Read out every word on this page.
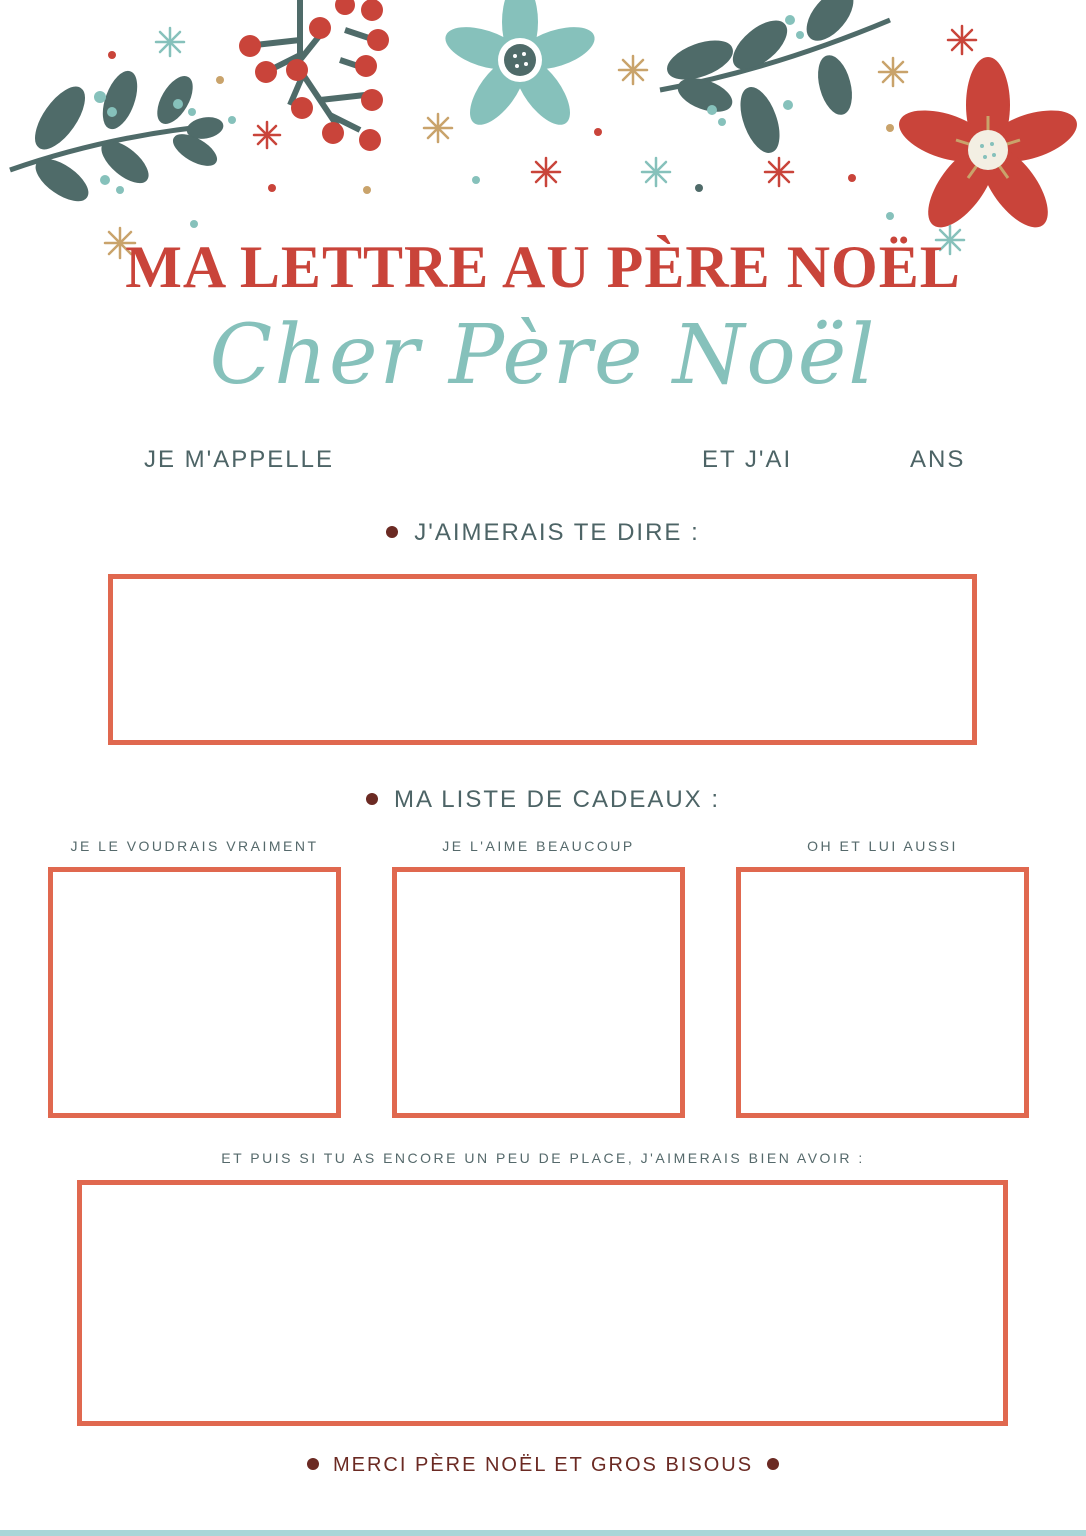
MA LETTRE AU PÈRE NOËL
Cher Père Noël
JE M'APPELLE	ET J'AI	ANS
J'AIMERAIS TE DIRE :
MA LISTE DE CADEAUX :
JE LE VOUDRAIS VRAIMENT	JE L'AIME BEAUCOUP	OH ET LUI AUSSI
ET PUIS SI TU AS ENCORE UN PEU DE PLACE, J'AIMERAIS BIEN AVOIR :
MERCI PÈRE NOËL ET GROS BISOUS
